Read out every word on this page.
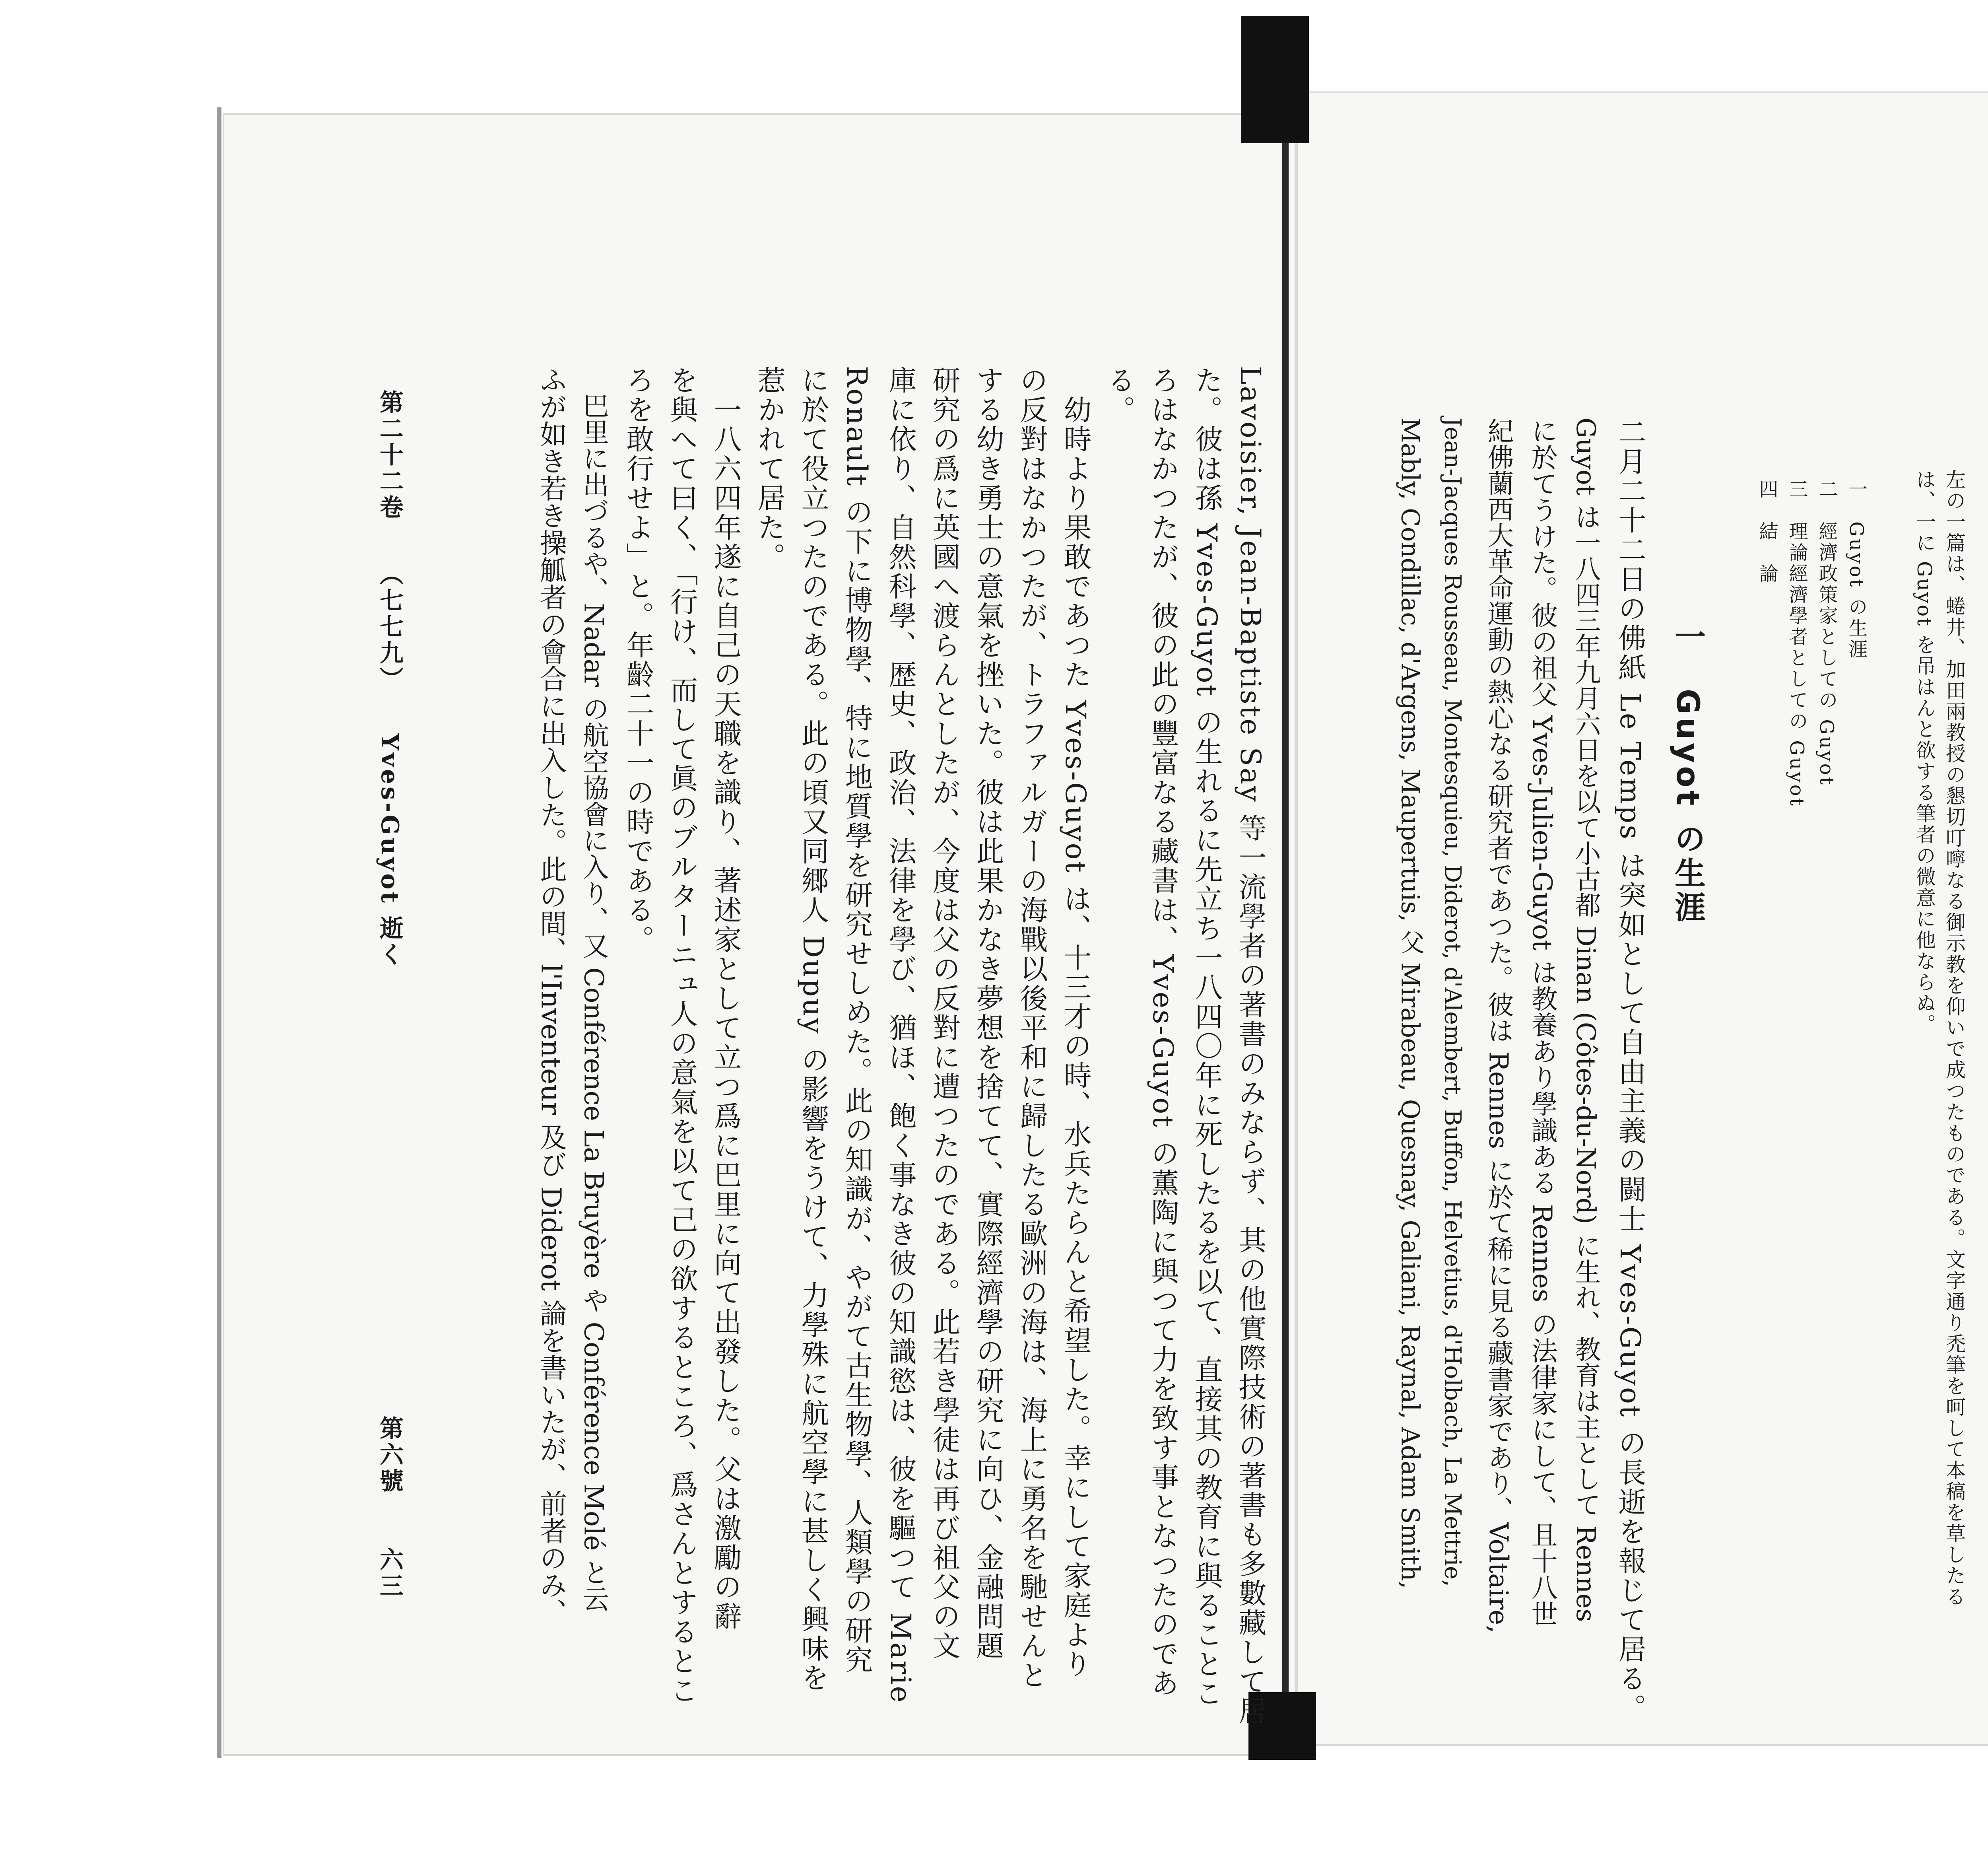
左の一篇は、蜷井、加田兩教授の懇切叮嚀なる御示教を仰いで成つたものである。文字通り禿筆を呵して本稿を草したる
は、一に Guyot を吊はんと欲する筆者の微意に他ならぬ。
一　Guyot の生涯
二　經濟政策家としての Guyot
三　理論經濟學者としての Guyot
四　結　論
一　Guyot の生涯
二月二十二日の佛紙 Le Temps は突如として自由主義の闘士 Yves-Guyot の長逝を報じて居る。
Guyot は一八四三年九月六日を以て小古都 Dinan (Côtes-du-Nord) に生れ、教育は主として Rennes
に於てうけた。彼の祖父 Yves-Julien-Guyot は教養あり學識ある Rennes の法律家にして、且十八世
紀佛蘭西大革命運動の熱心なる研究者であつた。彼は Rennes に於て稀に見る藏書家であり、Voltaire,
Jean-Jacques Rousseau, Montesquieu, Diderot, d'Alembert, Buffon, Helvetius, d'Holbach, La Mettrie,
Mably, Condillac, d'Argens, Maupertuis, 父 Mirabeau, Quesnay, Galiani, Raynal, Adam Smith,
Lavoisier, Jean-Baptiste Say 等一流學者の著書のみならず、其の他實際技術の著書も多數藏して居
た。彼は孫 Yves-Guyot の生れるに先立ち一八四〇年に死したるを以て、直接其の教育に與ることこ
ろはなかつたが、彼の此の豐富なる藏書は、Yves-Guyot の薫陶に與つて力を致す事となつたのであ
る。
　幼時より果敢であつた Yves-Guyot は、十三才の時、水兵たらんと希望した。幸にして家庭より
の反對はなかつたが、トラファルガーの海戰以後平和に歸したる歐洲の海は、海上に勇名を馳せんと
する幼き勇士の意氣を挫いた。彼は此果かなき夢想を捨てて、實際經濟學の研究に向ひ、金融問題
研究の爲に英國へ渡らんとしたが、今度は父の反對に遭つたのである。此若き學徒は再び祖父の文
庫に依り、自然科學、歴史、政治、法律を學び、猶ほ、飽く事なき彼の知識慾は、彼を驅つて Marie
Ronault の下に博物學、特に地質學を研究せしめた。此の知識が、やがて古生物學、人類學の研究
に於て役立つたのである。此の頃又同郷人 Dupuy の影響をうけて、力學殊に航空學に甚しく興味を
惹かれて居た。
　一八六四年遂に自己の天職を識り、著述家として立つ爲に巴里に向て出發した。父は激勵の辭
を與へて曰く、「行け、而して眞のブルターニュ人の意氣を以て己の欲するところ、爲さんとするとこ
ろを敢行せよ」と。年齡二十一の時である。
　巴里に出づるや、Nadar の航空協會に入り、又 Conférence La Bruyère や Conférence Molé と云
ふが如き若き操觚者の會合に出入した。此の間、l'Inventeur 及び Diderot 論を書いたが、前者のみ、
第二十二卷　　（七七九）　　Yves-Guyot 逝く
第六號　　六三
